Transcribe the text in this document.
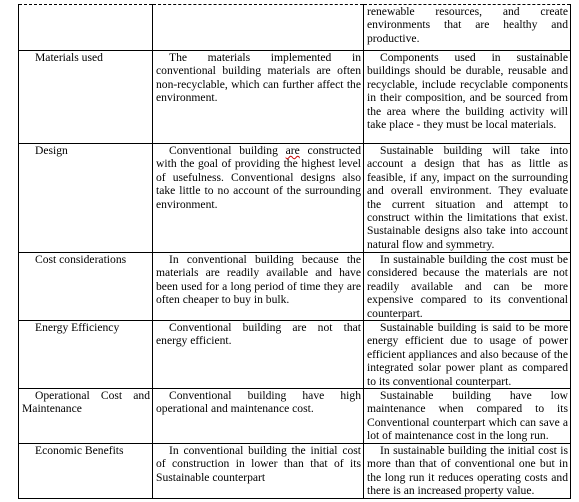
		renewable resources, and create environments that are healthy and productive.
Materials used	The materials implemented in conventional building materials are often non-recyclable, which can further affect the environment.	Components used in sustainable buildings should be durable, reusable and recyclable, include recyclable components in their composition, and be sourced from the area where the building activity will take place - they must be local materials.
Design	Conventional building are constructed with the goal of providing the highest level of usefulness. Conventional designs also take little to no account of the surrounding environment.	Sustainable building will take into account a design that has as little as feasible, if any, impact on the surrounding and overall environment. They evaluate the current situation and attempt to construct within the limitations that exist. Sustainable designs also take into account natural flow and symmetry.
Cost considerations	In conventional building because the materials are readily available and have been used for a long period of time they are often cheaper to buy in bulk.	In sustainable building the cost must be considered because the materials are not readily available and can be more expensive compared to its conventional counterpart.
Energy Efficiency	Conventional building are not that energy efficient.	Sustainable building is said to be more energy efficient due to usage of power efficient appliances and also because of the integrated solar power plant as compared to its conventional counterpart.
Operational Cost and Maintenance	Conventional building have high operational and maintenance cost.	Sustainable building have low maintenance when compared to its Conventional counterpart which can save a lot of maintenance cost in the long run.
Economic Benefits	In conventional building the initial cost of construction in lower than that of its Sustainable counterpart	In sustainable building the initial cost is more than that of conventional one but in the long run it reduces operating costs and there is an increased property value.
